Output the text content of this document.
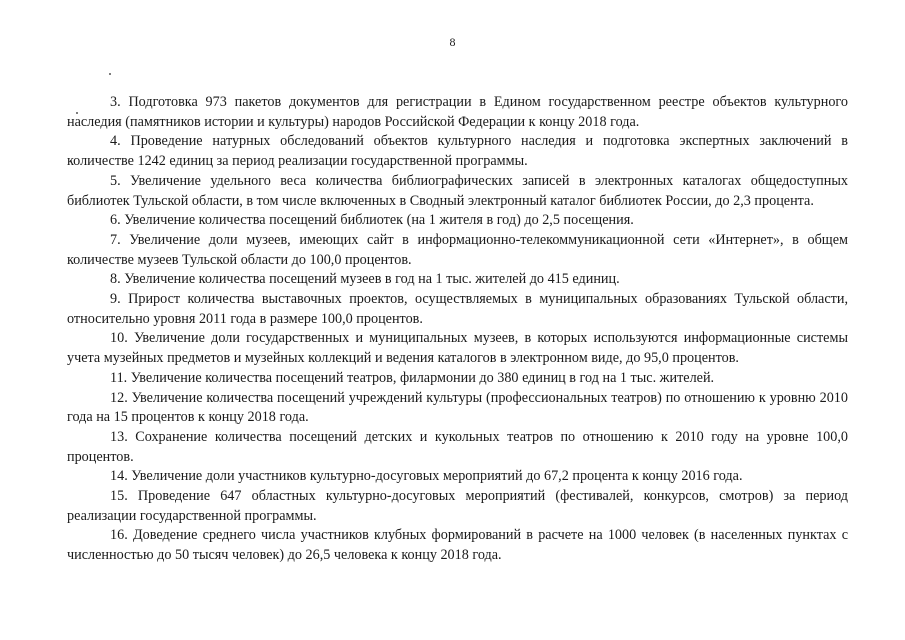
8

3. Подготовка 973 пакетов документов для регистрации в Едином государственном реестре объектов культурного наследия (памятников истории и культуры) народов Российской Федерации к концу 2018 года.

4. Проведение натурных обследований объектов культурного наследия и подготовка экспертных заключений в количестве 1242 единиц за период реализации государственной программы.

5. Увеличение удельного веса количества библиографических записей в электронных каталогах общедоступных библиотек Тульской области, в том числе включенных в Сводный электронный каталог библиотек России, до 2,3 процента.

6. Увеличение количества посещений библиотек (на 1 жителя в год) до 2,5 посещения.

7. Увеличение доли музеев, имеющих сайт в информационно-телекоммуникационной сети «Интернет», в общем количестве музеев Тульской области до 100,0 процентов.

8. Увеличение количества посещений музеев в год на 1 тыс. жителей до 415 единиц.

9. Прирост количества выставочных проектов, осуществляемых в муниципальных образованиях Тульской области, относительно уровня 2011 года в размере 100,0 процентов.

10. Увеличение доли государственных и муниципальных музеев, в которых используются информационные системы учета музейных предметов и музейных коллекций и ведения каталогов в электронном виде, до 95,0 процентов.

11. Увеличение количества посещений театров, филармонии до 380 единиц в год на 1 тыс. жителей.

12. Увеличение количества посещений учреждений культуры (профессиональных театров) по отношению к уровню 2010 года на 15 процентов к концу 2018 года.

13. Сохранение количества посещений детских и кукольных театров по отношению к 2010 году на уровне 100,0 процентов.

14. Увеличение доли участников культурно-досуговых мероприятий до 67,2 процента к концу 2016 года.

15. Проведение 647 областных культурно-досуговых мероприятий (фестивалей, конкурсов, смотров) за период реализации государственной программы.

16. Доведение среднего числа участников клубных формирований в расчете на 1000 человек (в населенных пунктах с численностью до 50 тысяч человек) до 26,5 человека к концу 2018 года.
